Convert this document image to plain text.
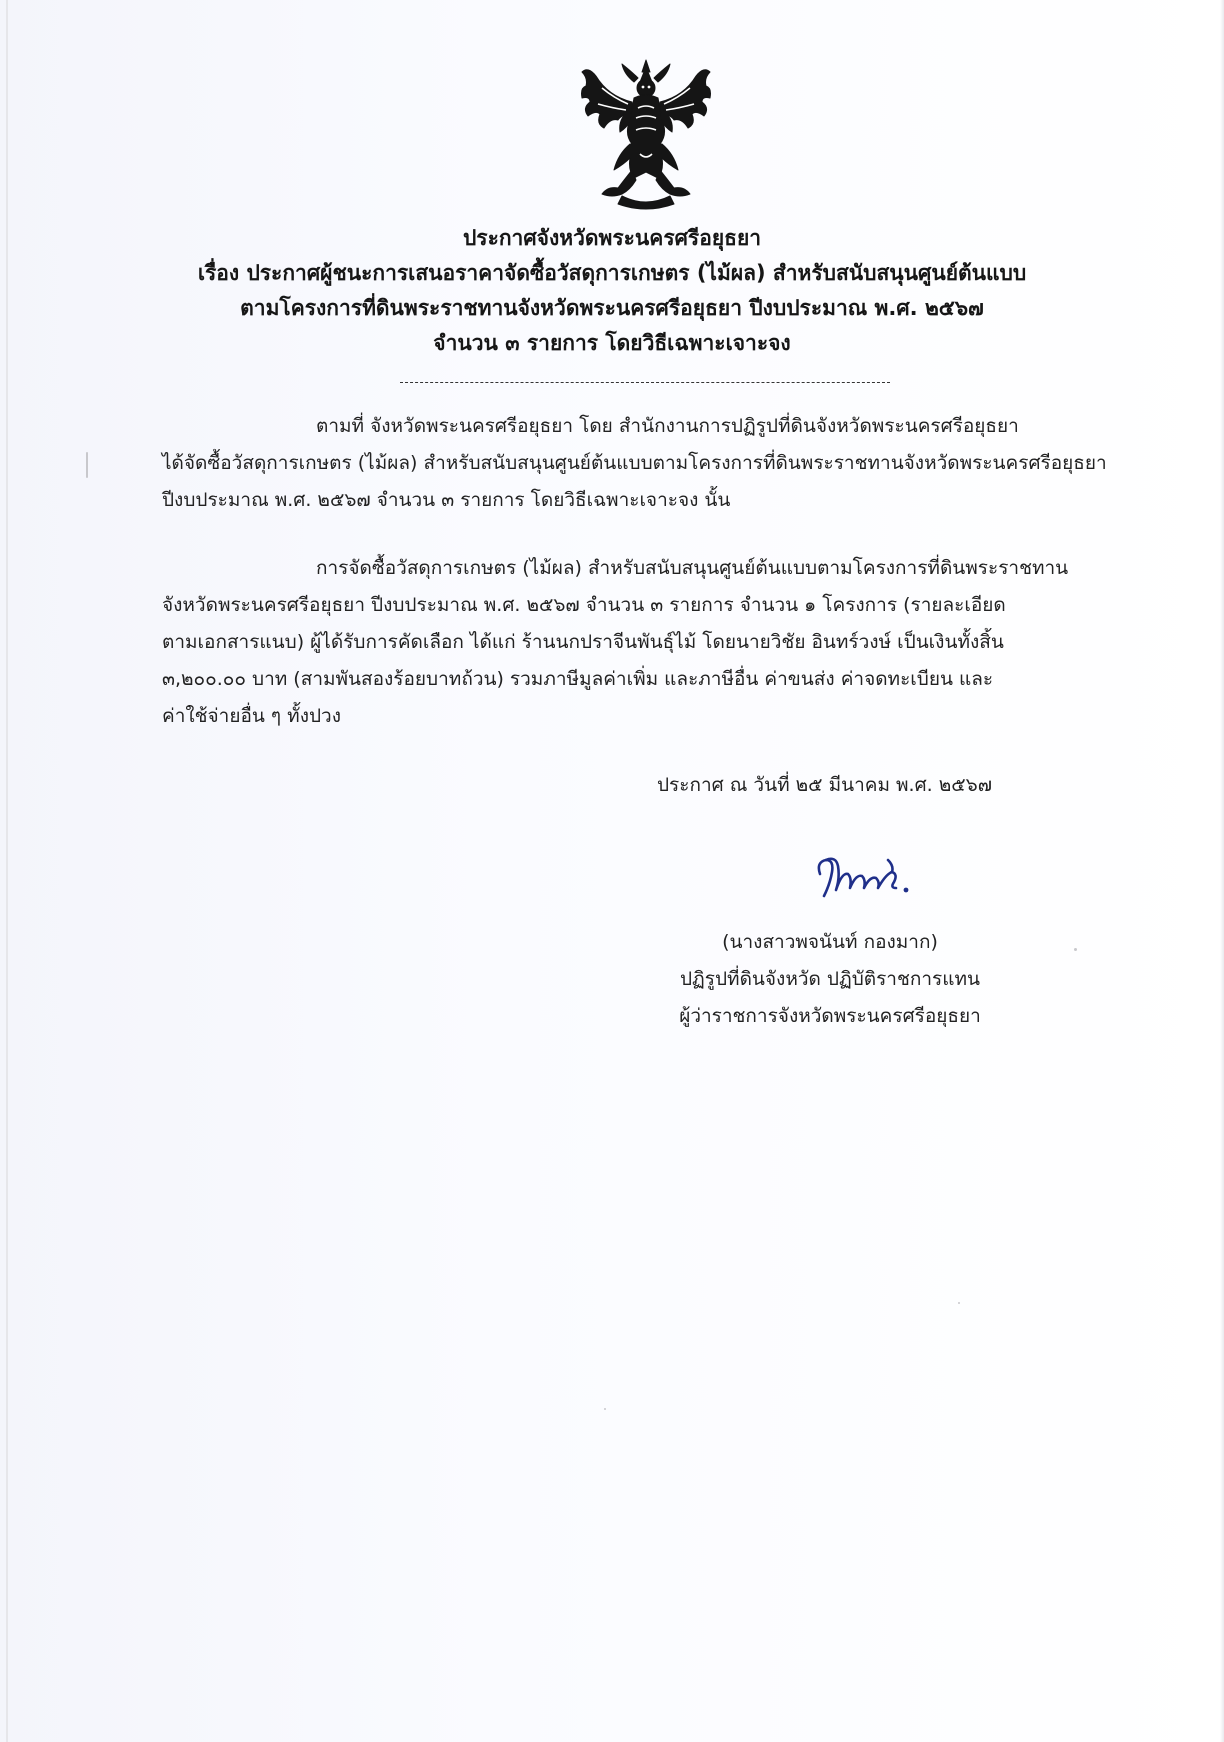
ประกาศจังหวัดพระนครศรีอยุธยา
เรื่อง ประกาศผู้ชนะการเสนอราคาจัดซื้อวัสดุการเกษตร (ไม้ผล) สำหรับสนับสนุนศูนย์ต้นแบบ
ตามโครงการที่ดินพระราชทานจังหวัดพระนครศรีอยุธยา ปีงบประมาณ พ.ศ. ๒๕๖๗
จำนวน ๓ รายการ โดยวิธีเฉพาะเจาะจง
ตามที่ จังหวัดพระนครศรีอยุธยา โดย สำนักงานการปฏิรูปที่ดินจังหวัดพระนครศรีอยุธยา
ได้จัดซื้อวัสดุการเกษตร (ไม้ผล) สำหรับสนับสนุนศูนย์ต้นแบบตามโครงการที่ดินพระราชทานจังหวัดพระนครศรีอยุธยา
ปีงบประมาณ พ.ศ. ๒๕๖๗ จำนวน ๓ รายการ โดยวิธีเฉพาะเจาะจง นั้น
การจัดซื้อวัสดุการเกษตร (ไม้ผล) สำหรับสนับสนุนศูนย์ต้นแบบตามโครงการที่ดินพระราชทาน
จังหวัดพระนครศรีอยุธยา ปีงบประมาณ พ.ศ. ๒๕๖๗ จำนวน ๓ รายการ จำนวน ๑ โครงการ (รายละเอียด
ตามเอกสารแนบ) ผู้ได้รับการคัดเลือก ได้แก่ ร้านนกปราจีนพันธุ์ไม้ โดยนายวิชัย อินทร์วงษ์ เป็นเงินทั้งสิ้น
๓,๒๐๐.๐๐ บาท (สามพันสองร้อยบาทถ้วน) รวมภาษีมูลค่าเพิ่ม และภาษีอื่น ค่าขนส่ง ค่าจดทะเบียน และ
ค่าใช้จ่ายอื่น ๆ ทั้งปวง
ประกาศ ณ วันที่ ๒๕ มีนาคม พ.ศ. ๒๕๖๗
(นางสาวพจนันท์ กองมาก)
ปฏิรูปที่ดินจังหวัด ปฏิบัติราชการแทน
ผู้ว่าราชการจังหวัดพระนครศรีอยุธยา
